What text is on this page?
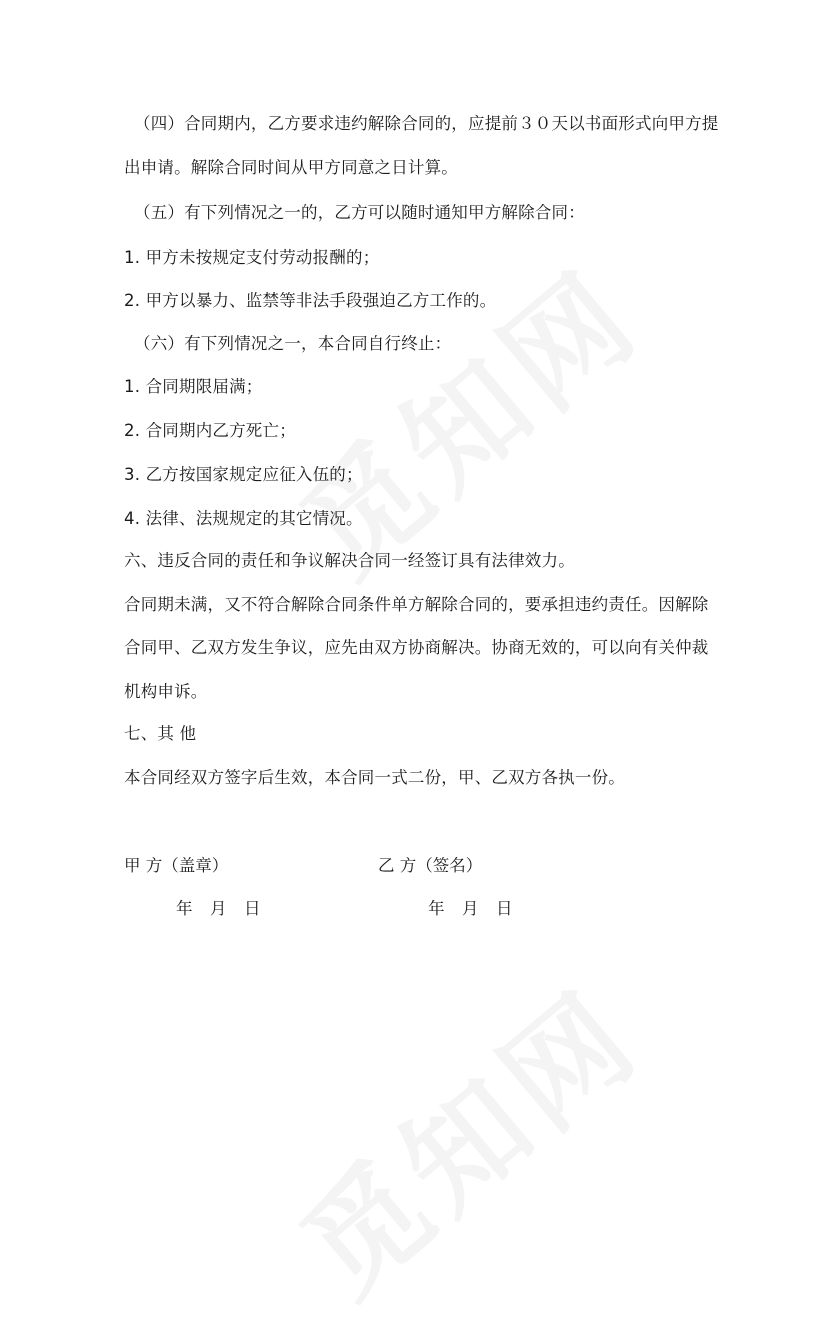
（四）合同期内，乙方要求违约解除合同的，应提前３０天以书面形式向甲方提
出申请。解除合同时间从甲方同意之日计算。
（五）有下列情况之一的，乙方可以随时通知甲方解除合同：
1. 甲方未按规定支付劳动报酬的；
2. 甲方以暴力、监禁等非法手段强迫乙方工作的。
（六）有下列情况之一，本合同自行终止：
1. 合同期限届满；
2. 合同期内乙方死亡；
3. 乙方按国家规定应征入伍的；
4. 法律、法规规定的其它情况。
六、违反合同的责任和争议解决合同一经签订具有法律效力。
合同期未满，又不符合解除合同条件单方解除合同的，要承担违约责任。因解除
合同甲、乙双方发生争议，应先由双方协商解决。协商无效的，可以向有关仲裁
机构申诉。
七、其 他
本合同经双方签字后生效，本合同一式二份，甲、乙双方各执一份。
甲 方（盖章）	乙 方（签名）
年 月 日	年 月 日
